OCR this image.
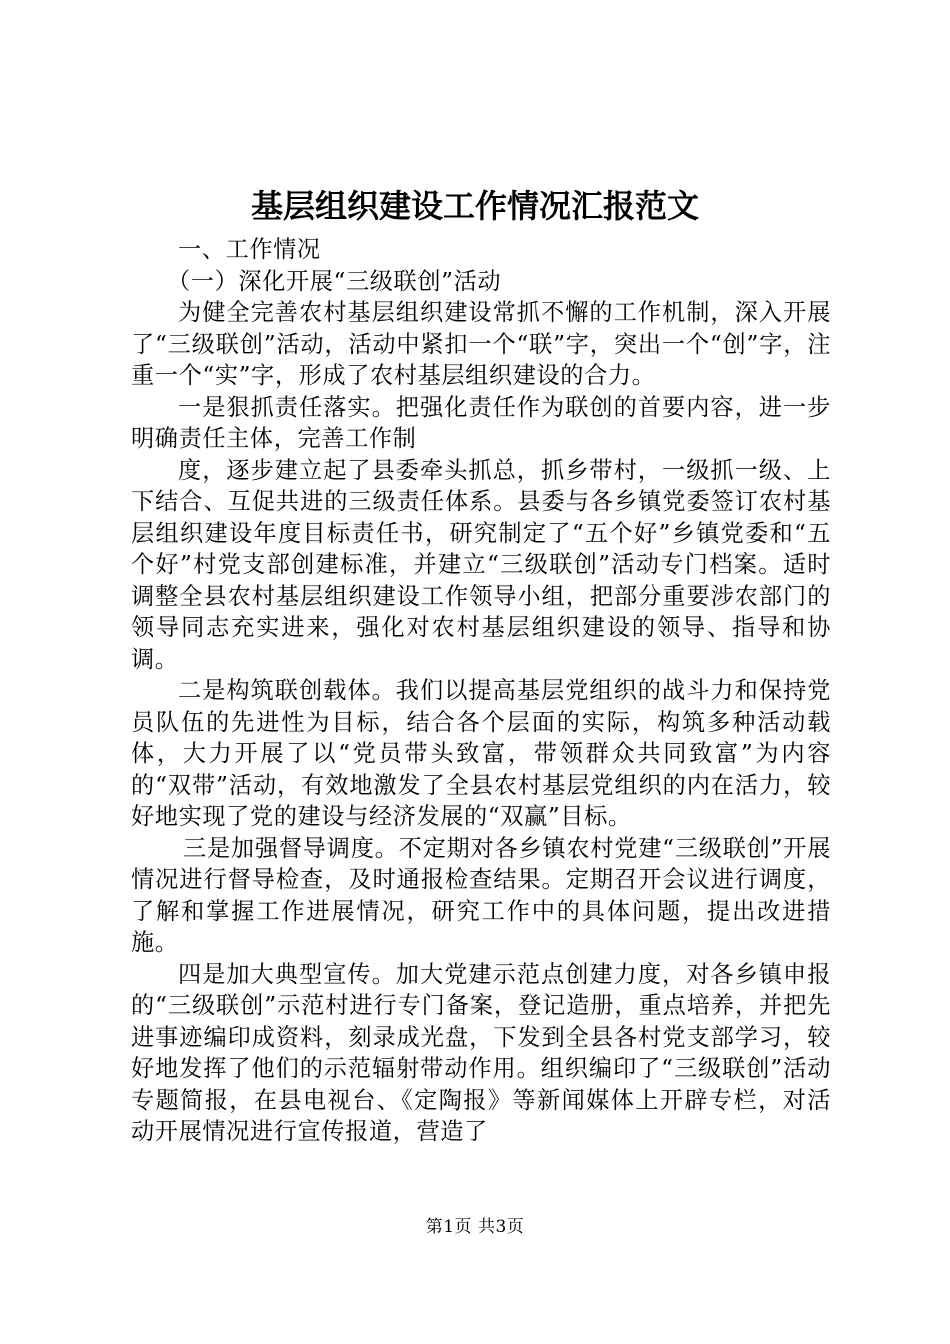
基层组织建设工作情况汇报范文

一、工作情况

（一）深化开展“三级联创”活动

为健全完善农村基层组织建设常抓不懈的工作机制，深入开展了“三级联创”活动，活动中紧扣一个“联”字，突出一个“创”字，注重一个“实”字，形成了农村基层组织建设的合力。

一是狠抓责任落实。把强化责任作为联创的首要内容，进一步明确责任主体，完善工作制

度，逐步建立起了县委牵头抓总，抓乡带村，一级抓一级、上下结合、互促共进的三级责任体系。县委与各乡镇党委签订农村基层组织建设年度目标责任书，研究制定了“五个好”乡镇党委和“五个好”村党支部创建标准，并建立“三级联创”活动专门档案。适时调整全县农村基层组织建设工作领导小组，把部分重要涉农部门的领导同志充实进来，强化对农村基层组织建设的领导、指导和协调。

二是构筑联创载体。我们以提高基层党组织的战斗力和保持党员队伍的先进性为目标，结合各个层面的实际，构筑多种活动载体，大力开展了以“党员带头致富，带领群众共同致富”为内容的“双带”活动，有效地激发了全县农村基层党组织的内在活力，较好地实现了党的建设与经济发展的“双赢”目标。

三是加强督导调度。不定期对各乡镇农村党建“三级联创”开展情况进行督导检查，及时通报检查结果。定期召开会议进行调度，了解和掌握工作进展情况，研究工作中的具体问题，提出改进措施。

四是加大典型宣传。加大党建示范点创建力度，对各乡镇申报的“三级联创”示范村进行专门备案，登记造册，重点培养，并把先进事迹编印成资料，刻录成光盘，下发到全县各村党支部学习，较好地发挥了他们的示范辐射带动作用。组织编印了“三级联创”活动专题简报，在县电视台、《定陶报》等新闻媒体上开辟专栏，对活动开展情况进行宣传报道，营造了

第1页 共3页
